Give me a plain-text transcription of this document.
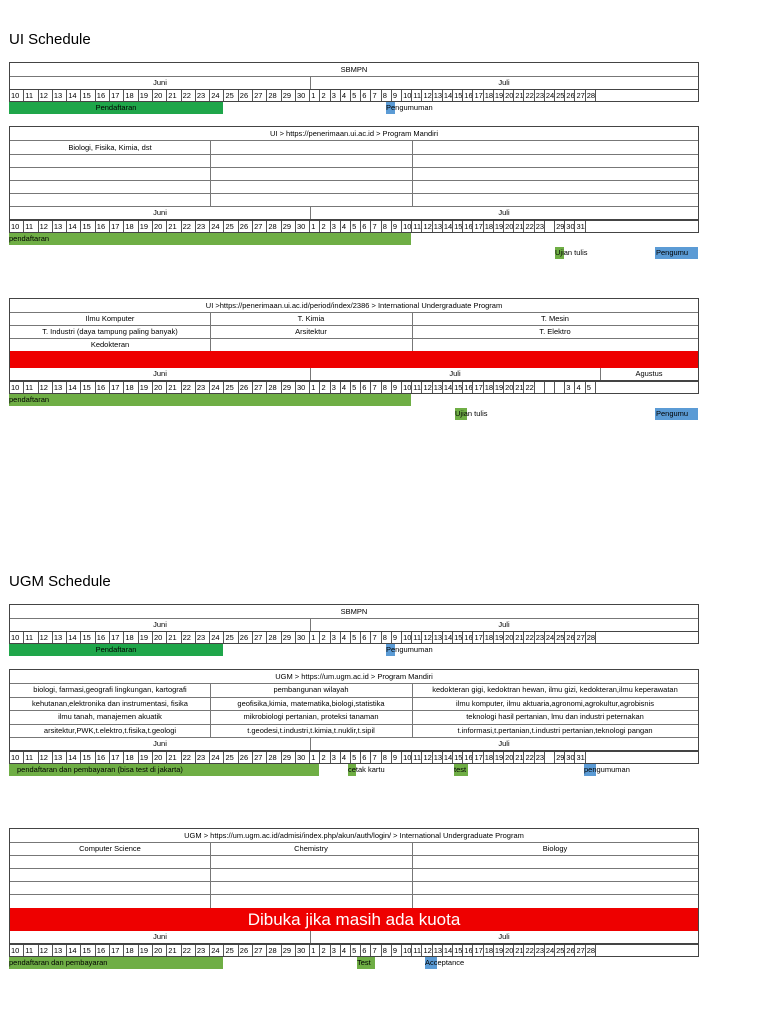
UI Schedule
SBMPN
Juni	Juli
10 11 12 13 14 15 16 17 18 19 20 21 22 23 24 25 26 27 28 29 30 1 2 3 4 5 6 7 8 9 10 11 12 13 14 15 16 17 18 19 20 21 22 23 24 25 26 27 28
Pendaftaran	Pengumuman
UI > https://penerimaan.ui.ac.id > Program Mandiri
Biologi, Fisika, Kimia, dst
Juni	Juli
10 11 12 13 14 15 16 17 18 19 20 21 22 23 24 25 26 27 28 29 30 1 2 3 4 5 6 7 8 9 10 11 12 13 14 15 16 17 18 19 20 21 22 23 29 30 31
pendaftaran
Ujian tulis	Pengumu
UI >https://penerimaan.ui.ac.id/period/index/2386 > International Undergraduate Program
Ilmu Komputer	T. Kimia	T. Mesin
T. Industri (daya tampung paling banyak)	Arsitektur	T. Elektro
Kedokteran
Juni	Juli	Agustus
10 11 12 13 14 15 16 17 18 19 20 21 22 23 24 25 26 27 28 29 30 1 2 3 4 5 6 7 8 9 10 11 12 13 14 15 16 17 18 19 20 21 22	3 4 5
pendaftaran
Ujian tulis	Pengumu
UGM Schedule
SBMPN
Juni	Juli
10 11 12 13 14 15 16 17 18 19 20 21 22 23 24 25 26 27 28 29 30 1 2 3 4 5 6 7 8 9 10 11 12 13 14 15 16 17 18 19 20 21 22 23 24 25 26 27 28
Pendaftaran	Pengumuman
UGM > https://um.ugm.ac.id > Program Mandiri
biologi, farmasi,geografi lingkungan, kartografi	pembangunan wilayah	kedokteran gigi, kedoktran hewan, ilmu gizi, kedokteran,ilmu keperawatan
kehutanan,elektronika dan instrumentasi, fisika	geofisika,kimia, matematika,biologi,statistika	ilmu komputer, ilmu aktuaria,agronomi,agrokultur,agrobisnis
ilmu tanah, manajemen akuatik	mikrobiologi pertanian, proteksi tanaman	teknologi hasil pertanian, lmu dan industri peternakan
arsitektur,PWK,t.elektro,t.fisika,t.geologi	t.geodesi,t.industri,t.kimia,t.nuklir,t.sipil	t.informasi,t.pertanian,t.industri pertanian,teknologi pangan
Juni	Juli
10 11 12 13 14 15 16 17 18 19 20 21 22 23 24 25 26 27 28 29 30 1 2 3 4 5 6 7 8 9 10 11 12 13 14 15 16 17 18 19 20 21 22 23 29 30 31
pendaftaran dan pembayaran (bisa test di jakarta)	cetak kartu	test	pengumuman
UGM > https://um.ugm.ac.id/admisi/index.php/akun/auth/login/ > International Undergraduate Program
Computer Science	Chemistry	Biology
Dibuka jika masih ada kuota
Juni	Juli
10 11 12 13 14 15 16 17 18 19 20 21 22 23 24 25 26 27 28 29 30 1 2 3 4 5 6 7 8 9 10 11 12 13 14 15 16 17 18 19 20 21 22 23 24 25 26 27 28
pendaftaran dan pembayaran	Test	Acceptance
